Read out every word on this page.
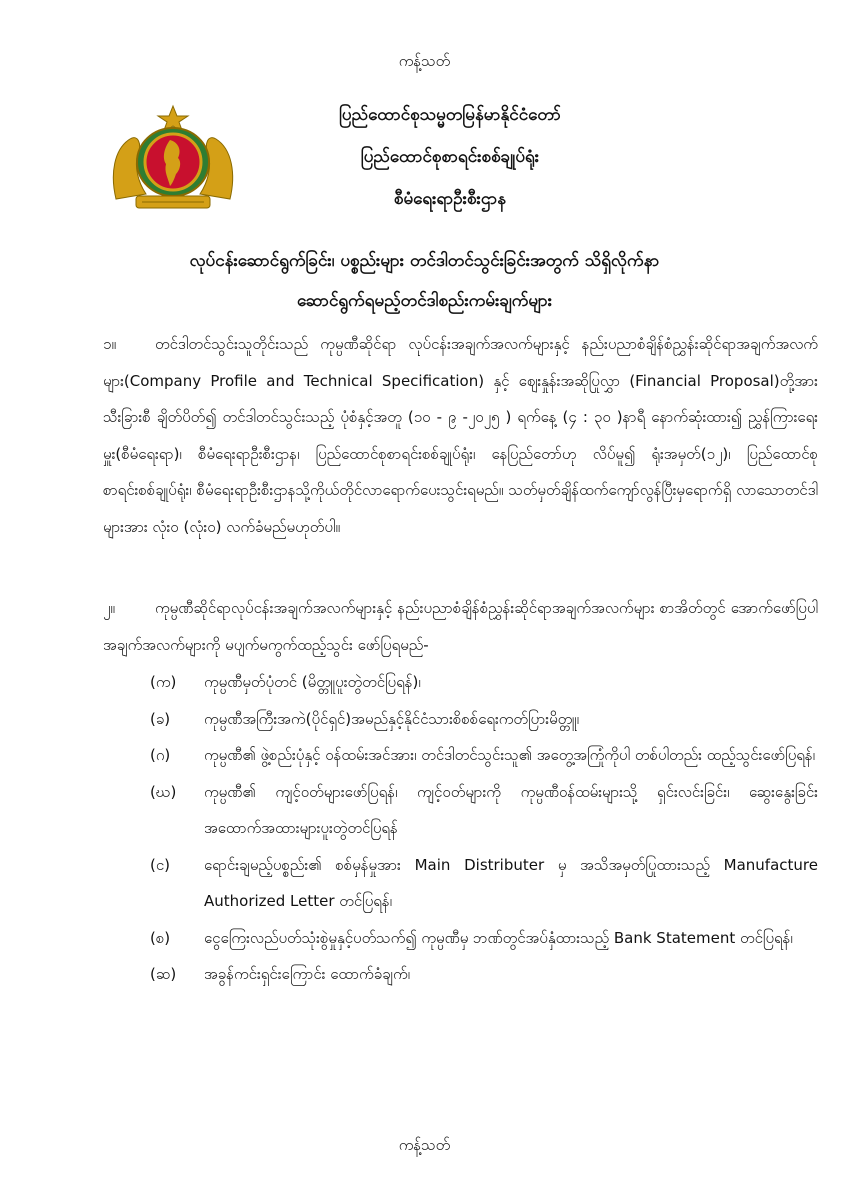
ကန့်သတ်
ပြည်ထောင်စုသမ္မတမြန်မာနိုင်ငံတော်
ပြည်ထောင်စုစာရင်းစစ်ချုပ်ရုံး
စီမံရေးရာဦးစီးဌာန
လုပ်ငန်းဆောင်ရွက်ခြင်း၊ ပစ္စည်းများ တင်ဒါတင်သွင်းခြင်းအတွက် သိရှိလိုက်နာ
ဆောင်ရွက်ရမည့်တင်ဒါစည်းကမ်းချက်များ
၁။	တင်ဒါတင်သွင်းသူတိုင်းသည် ကုမ္ပဏီဆိုင်ရာ လုပ်ငန်းအချက်အလက်များနှင့် နည်းပညာစံချိန်စံညွှန်းဆိုင်ရာအချက်အလက်များ(Company Profile and Technical Specification) နှင့် ဈေးနှုန်းအဆိုပြုလွှာ (Financial Proposal)တို့အား သီးခြားစီ ချိတ်ပိတ်၍ တင်ဒါတင်သွင်းသည့် ပုံစံနှင့်အတူ (၁၀ - ၉ -၂၀၂၅ ) ရက်နေ့ (၄ : ၃၀ )နာရီ နောက်ဆုံးထား၍ ညွှန်ကြားရေးမှူး(စီမံရေးရာ)၊ စီမံရေးရာဦးစီးဌာန၊ ပြည်ထောင်စုစာရင်းစစ်ချုပ်ရုံး၊ နေပြည်တော်ဟု လိပ်မူ၍ ရုံးအမှတ်(၁၂)၊ ပြည်ထောင်စုစာရင်းစစ်ချုပ်ရုံး၊ စီမံရေးရာဦးစီးဌာနသို့ကိုယ်တိုင်လာရောက်ပေးသွင်းရမည်။ သတ်မှတ်ချိန်ထက်ကျော်လွန်ပြီးမှရောက်ရှိ လာသောတင်ဒါများအား လုံးဝ (လုံးဝ) လက်ခံမည်မဟုတ်ပါ။
၂။	ကုမ္ပဏီဆိုင်ရာလုပ်ငန်းအချက်အလက်များနှင့် နည်းပညာစံချိန်စံညွှန်းဆိုင်ရာအချက်အလက်များ စာအိတ်တွင် အောက်ဖော်ပြပါ အချက်အလက်များကို မပျက်မကွက်ထည့်သွင်း ဖော်ပြရမည်-
(က) ကုမ္ပဏီမှတ်ပုံတင် (မိတ္တူပူးတွဲတင်ပြရန်)၊
(ခ) ကုမ္ပဏီအကြီးအကဲ(ပိုင်ရှင်)အမည်နှင့်နိုင်ငံသားစိစစ်ရေးကတ်ပြားမိတ္တူ၊
(ဂ) ကုမ္ပဏီ၏ ဖွဲ့စည်းပုံနှင့် ဝန်ထမ်းအင်အား၊ တင်ဒါတင်သွင်းသူ၏ အတွေ့အကြုံကိုပါ တစ်ပါတည်း ထည့်သွင်းဖော်ပြရန်၊
(ဃ) ကုမ္ပဏီ၏ ကျင့်ဝတ်များဖော်ပြရန်၊ ကျင့်ဝတ်များကို ကုမ္ပဏီဝန်ထမ်းများသို့ ရှင်းလင်းခြင်း၊ ဆွေးနွေးခြင်း အထောက်အထားများပူးတွဲတင်ပြရန်
(င) ရောင်းချမည့်ပစ္စည်း၏ စစ်မှန်မှုအား Main Distributer မှ အသိအမှတ်ပြုထားသည့် Manufacture Authorized Letter တင်ပြရန်၊
(စ) ငွေကြေးလည်ပတ်သုံးစွဲမှုနှင့်ပတ်သက်၍ ကုမ္ပဏီမှ ဘဏ်တွင်အပ်နှံထားသည့် Bank Statement တင်ပြရန်၊
(ဆ) အခွန်ကင်းရှင်းကြောင်း ထောက်ခံချက်၊
ကန့်သတ်
